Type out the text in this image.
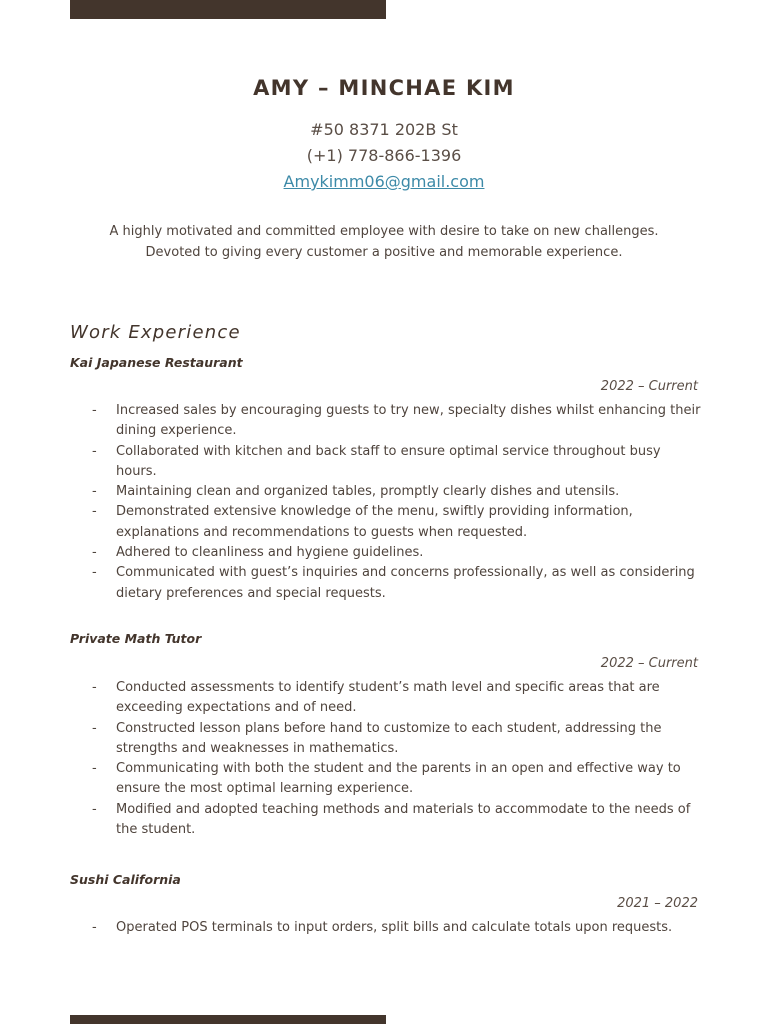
AMY – MINCHAE KIM
#50 8371 202B St
(+1) 778-866-1396
Amykimm06@gmail.com
A highly motivated and committed employee with desire to take on new challenges.
Devoted to giving every customer a positive and memorable experience.
Work Experience
Kai Japanese Restaurant
2022 – Current
- Increased sales by encouraging guests to try new, specialty dishes whilst enhancing their dining experience.
- Collaborated with kitchen and back staff to ensure optimal service throughout busy hours.
- Maintaining clean and organized tables, promptly clearly dishes and utensils.
- Demonstrated extensive knowledge of the menu, swiftly providing information, explanations and recommendations to guests when requested.
- Adhered to cleanliness and hygiene guidelines.
- Communicated with guest’s inquiries and concerns professionally, as well as considering dietary preferences and special requests.
Private Math Tutor
2022 – Current
- Conducted assessments to identify student’s math level and specific areas that are exceeding expectations and of need.
- Constructed lesson plans before hand to customize to each student, addressing the strengths and weaknesses in mathematics.
- Communicating with both the student and the parents in an open and effective way to ensure the most optimal learning experience.
- Modified and adopted teaching methods and materials to accommodate to the needs of the student.
Sushi California
2021 – 2022
- Operated POS terminals to input orders, split bills and calculate totals upon requests.
